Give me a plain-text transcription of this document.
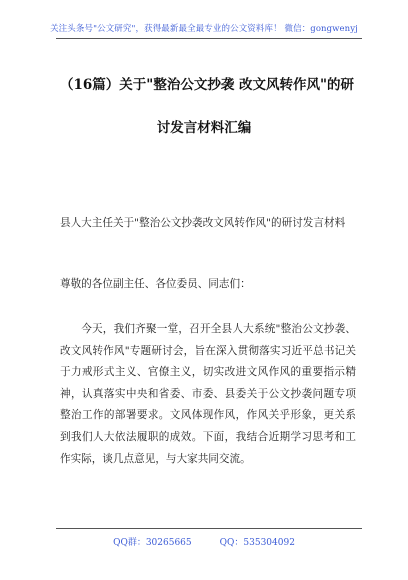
关注头条号"公文研究"，获得最新最全最专业的公文资料库！ 微信：gongwenyj
（16篇）关于"整治公文抄袭 改文风转作风"的研
讨发言材料汇编

县人大主任关于"整治公文抄袭改文风转作风"的研讨发言材料

尊敬的各位副主任、各位委员、同志们：

今天，我们齐聚一堂，召开全县人大系统"整治公文抄袭、改文风转作风"专题研讨会，旨在深入贯彻落实习近平总书记关于力戒形式主义、官僚主义，切实改进文风作风的重要指示精神，认真落实中央和省委、市委、县委关于公文抄袭问题专项整治工作的部署要求。文风体现作风，作风关乎形象，更关系到我们人大依法履职的成效。下面，我结合近期学习思考和工作实际，谈几点意见，与大家共同交流。

QQ群：30265665	QQ：535304092
